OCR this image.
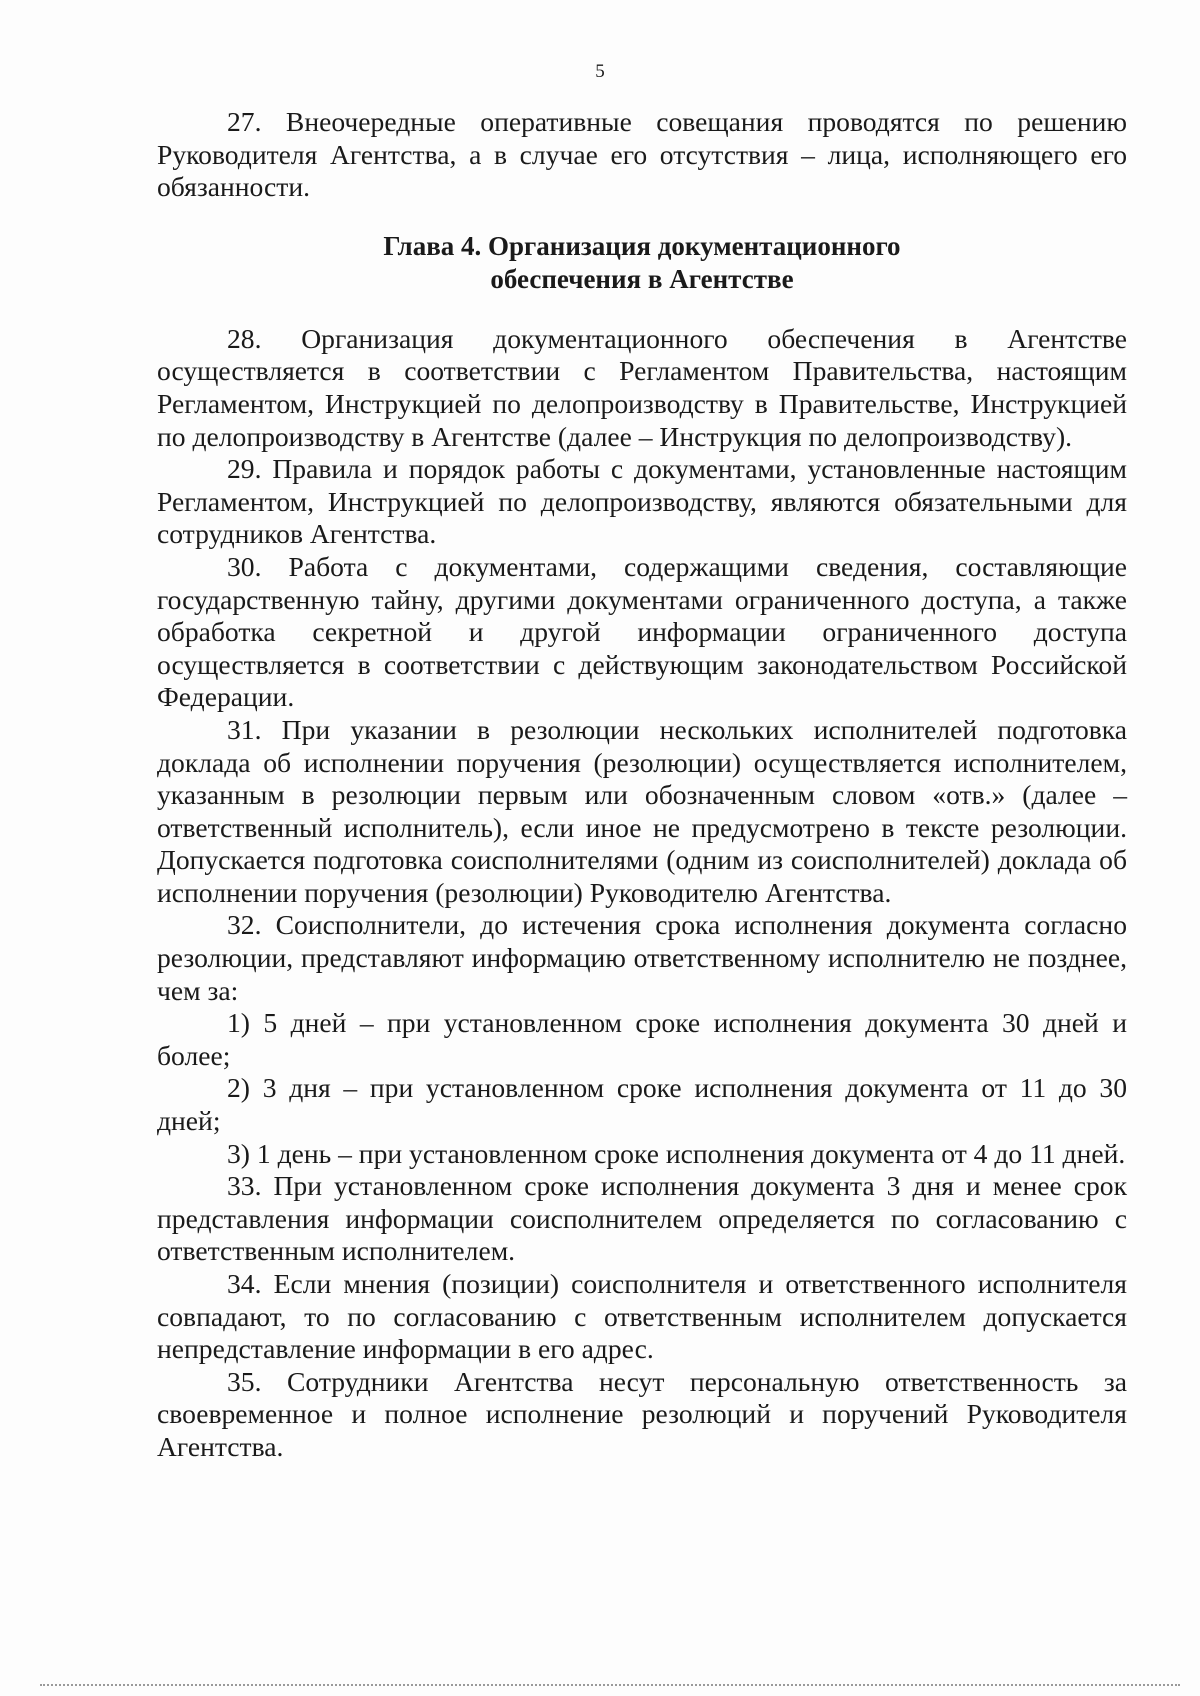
5

27. Внеочередные оперативные совещания проводятся по решению Руководителя Агентства, а в случае его отсутствия – лица, исполняющего его обязанности.

Глава 4. Организация документационного
обеспечения в Агентстве

28. Организация документационного обеспечения в Агентстве осуществляется в соответствии с Регламентом Правительства, настоящим Регламентом, Инструкцией по делопроизводству в Правительстве, Инструкцией по делопроизводству в Агентстве (далее – Инструкция по делопроизводству).

29. Правила и порядок работы с документами, установленные настоящим Регламентом, Инструкцией по делопроизводству, являются обязательными для сотрудников Агентства.

30. Работа с документами, содержащими сведения, составляющие государственную тайну, другими документами ограниченного доступа, а также обработка секретной и другой информации ограниченного доступа осуществляется в соответствии с действующим законодательством Российской Федерации.

31. При указании в резолюции нескольких исполнителей подготовка доклада об исполнении поручения (резолюции) осуществляется исполнителем, указанным в резолюции первым или обозначенным словом «отв.» (далее – ответственный исполнитель), если иное не предусмотрено в тексте резолюции. Допускается подготовка соисполнителями (одним из соисполнителей) доклада об исполнении поручения (резолюции) Руководителю Агентства.

32. Соисполнители, до истечения срока исполнения документа согласно резолюции, представляют информацию ответственному исполнителю не позднее, чем за:

1) 5 дней – при установленном сроке исполнения документа 30 дней и более;

2) 3 дня – при установленном сроке исполнения документа от 11 до 30 дней;

3) 1 день – при установленном сроке исполнения документа от 4 до 11 дней.

33. При установленном сроке исполнения документа 3 дня и менее срок представления информации соисполнителем определяется по согласованию с ответственным исполнителем.

34. Если мнения (позиции) соисполнителя и ответственного исполнителя совпадают, то по согласованию с ответственным исполнителем допускается непредставление информации в его адрес.

35. Сотрудники Агентства несут персональную ответственность за своевременное и полное исполнение резолюций и поручений Руководителя Агентства.
